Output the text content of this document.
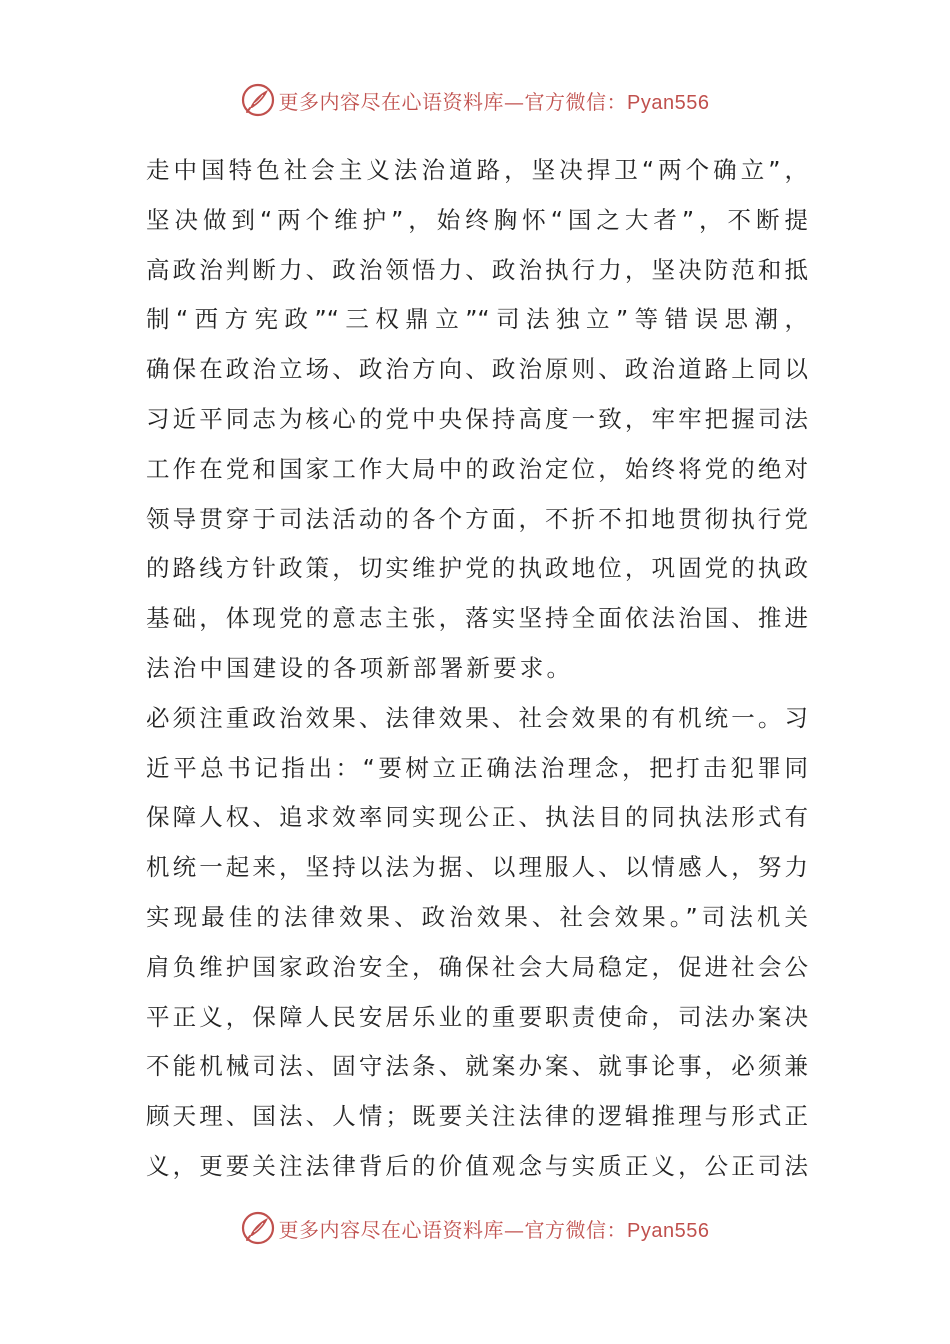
更多内容尽在心语资料库—官方微信：Pyan556
走中国特色社会主义法治道路，坚决捍卫“两个确立”，
坚决做到“两个维护”，始终胸怀“国之大者”，不断提
高政治判断力、政治领悟力、政治执行力，坚决防范和抵
制“西方宪政”“三权鼎立”“司法独立”等错误思潮，
确保在政治立场、政治方向、政治原则、政治道路上同以
习近平同志为核心的党中央保持高度一致，牢牢把握司法
工作在党和国家工作大局中的政治定位，始终将党的绝对
领导贯穿于司法活动的各个方面，不折不扣地贯彻执行党
的路线方针政策，切实维护党的执政地位，巩固党的执政
基础，体现党的意志主张，落实坚持全面依法治国、推进
法治中国建设的各项新部署新要求。
必须注重政治效果、法律效果、社会效果的有机统一。习
近平总书记指出：“要树立正确法治理念，把打击犯罪同
保障人权、追求效率同实现公正、执法目的同执法形式有
机统一起来，坚持以法为据、以理服人、以情感人，努力
实现最佳的法律效果、政治效果、社会效果。”司法机关
肩负维护国家政治安全，确保社会大局稳定，促进社会公
平正义，保障人民安居乐业的重要职责使命，司法办案决
不能机械司法、固守法条、就案办案、就事论事，必须兼
顾天理、国法、人情；既要关注法律的逻辑推理与形式正
义，更要关注法律背后的价值观念与实质正义，公正司法
更多内容尽在心语资料库—官方微信：Pyan556
